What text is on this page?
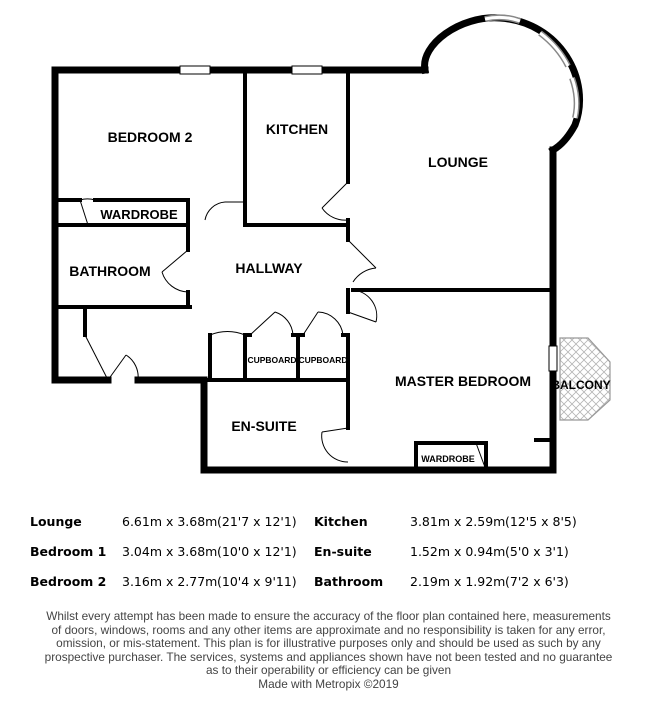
BEDROOM 2	KITCHEN
LOUNGE
WARDROBE
BATHROOM	HALLWAY
CUPBOARD CUPBOARD
MASTER BEDROOM BALCONY
EN-SUITE
WARDROBE
Lounge	6.61m x 3.68m (21'7 x 12'1) Kitchen	3.81m x 2.59m (12'5 x 8'5)
Bedroom 1 3.04m x 3.68m (10'0 x 12'1) En-suite	1.52m x 0.94m (5'0 x 3'1)
Bedroom 2 3.16m x 2.77m (10'4 x 9'11) Bathroom 2.19m x 1.92m (7'2 x 6'3)
Whilst every attempt has been made to ensure the accuracy of the floor plan contained here, measurements
of doors, windows, rooms and any other items are approximate and no responsibility is taken for any error,
omission, or mis-statement. This plan is for illustrative purposes only and should be used as such by any
prospective purchaser. The services, systems and appliances shown have not been tested and no guarantee
as to their operability or efficiency can be given
Made with Metropix ©2019
